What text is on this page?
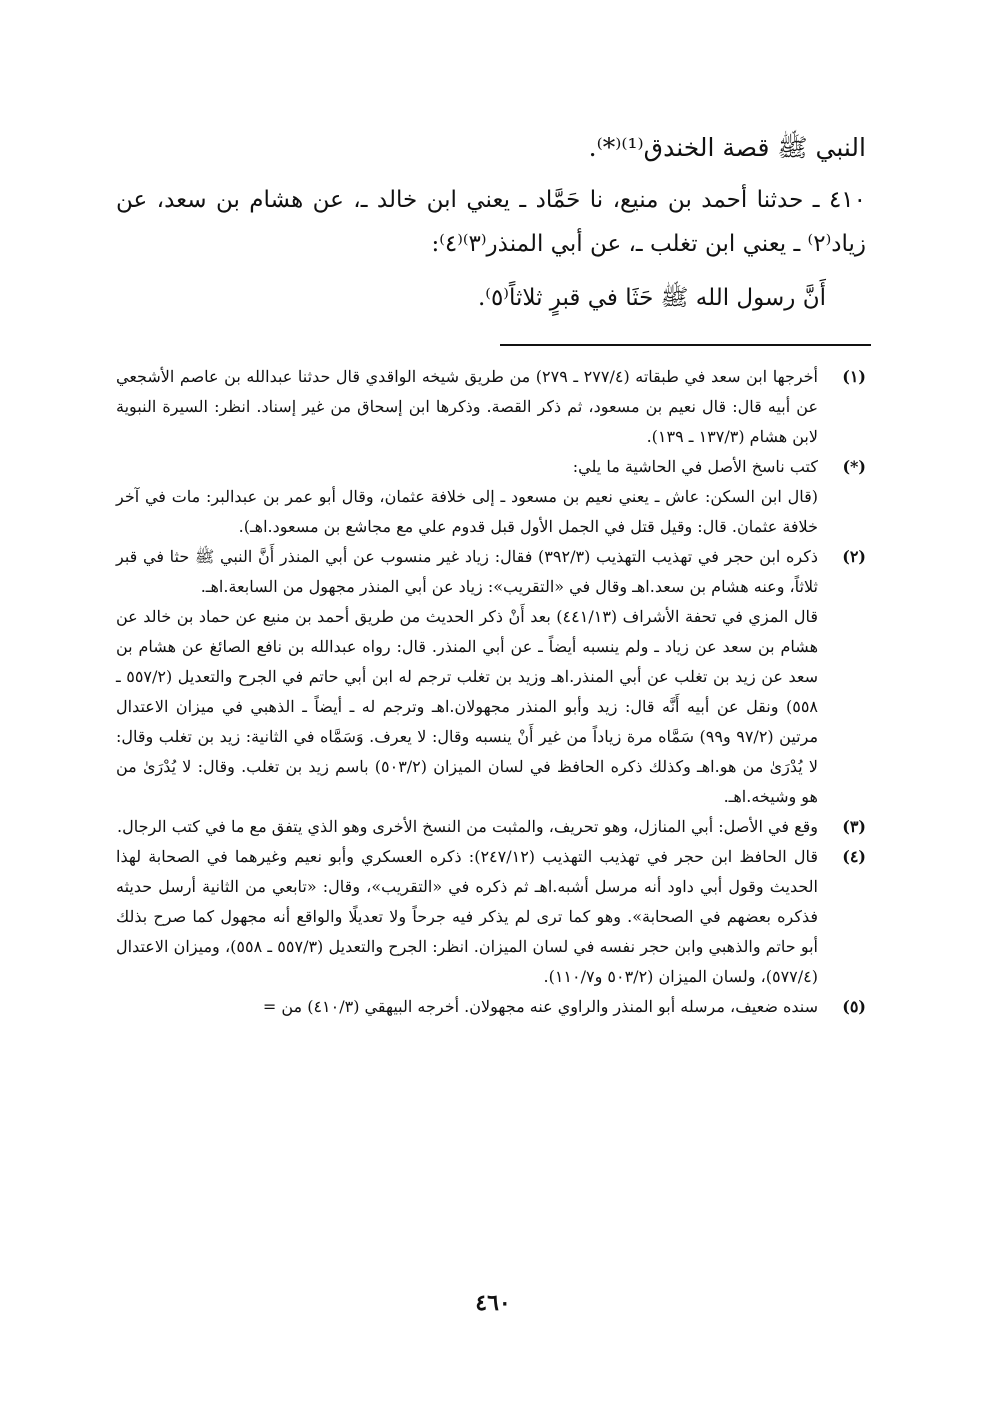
النبي ﷺ قصة الخندق⁽¹⁾⁽*⁾.
٤١٠ ـ حدثنا أحمد بن منيع، نا حَمَّاد ـ يعني ابن خالد ـ، عن هشام بن سعد، عن زياد⁽٢⁾ ـ يعني ابن تغلب ـ، عن أبي المنذر⁽٣⁾⁽٤⁾:
أَنَّ رسول الله ﷺ حَثَا في قبرٍ ثلاثاً⁽٥⁾.
(١)

أخرجها ابن سعد في طبقاته (٢٧٧/٤ ـ ٢٧٩) من طريق شيخه الواقدي قال حدثنا عبدالله بن عاصم الأشجعي عن أبيه قال: قال نعيم بن مسعود، ثم ذكر القصة. وذكرها ابن إسحاق من غير إسناد. انظر: السيرة النبوية لابن هشام (١٣٧/٣ ـ ١٣٩).

(*)

كتب ناسخ الأصل في الحاشية ما يلي:

(قال ابن السكن: عاش ـ يعني نعيم بن مسعود ـ إلى خلافة عثمان، وقال أبو عمر بن عبدالبر: مات في آخر خلافة عثمان. قال: وقيل قتل في الجمل الأول قبل قدوم علي مع مجاشع بن مسعود.اهـ).

(٢)

ذكره ابن حجر في تهذيب التهذيب (٣٩٢/٣) فقال: زياد غير منسوب عن أبي المنذر أَنَّ النبي ﷺ حثا في قبر ثلاثاً، وعنه هشام بن سعد.اهـ وقال في «التقريب»: زياد عن أبي المنذر مجهول من السابعة.اهـ.

قال المزي في تحفة الأشراف (٤٤١/١٣) بعد أَنْ ذكر الحديث من طريق أحمد بن منيع عن حماد بن خالد عن هشام بن سعد عن زياد ـ ولم ينسبه أيضاً ـ عن أبي المنذر. قال: رواه عبدالله بن نافع الصائغ عن هشام بن سعد عن زيد بن تغلب عن أبي المنذر.اهـ وزيد بن تغلب ترجم له ابن أبي حاتم في الجرح والتعديل (٥٥٧/٢ ـ ٥٥٨) ونقل عن أبيه أَنَّه قال: زيد وأبو المنذر مجهولان.اهـ وترجم له ـ أيضاً ـ الذهبي في ميزان الاعتدال مرتين (٩٧/٢ و٩٩) سَمَّاه مرة زياداً من غير أَنْ ينسبه وقال: لا يعرف. وَسَمَّاه في الثانية: زيد بن تغلب وقال: لا يُدْرَىٰ من هو.اهـ وكذلك ذكره الحافظ في لسان الميزان (٥٠٣/٢) باسم زيد بن تغلب. وقال: لا يُدْرَىٰ من هو وشيخه.اهـ.

(٣)

وقع في الأصل: أبي المنازل، وهو تحريف، والمثبت من النسخ الأخرى وهو الذي يتفق مع ما في كتب الرجال.

(٤)

قال الحافظ ابن حجر في تهذيب التهذيب (٢٤٧/١٢): ذكره العسكري وأبو نعيم وغيرهما في الصحابة لهذا الحديث وقول أبي داود أنه مرسل أشبه.اهـ ثم ذكره في «التقريب»، وقال: «تابعي من الثانية أرسل حديثه فذكره بعضهم في الصحابة». وهو كما ترى لم يذكر فيه جرحاً ولا تعديلًا والواقع أنه مجهول كما صرح بذلك أبو حاتم والذهبي وابن حجر نفسه في لسان الميزان. انظر: الجرح والتعديل (٥٥٧/٣ ـ ٥٥٨)، وميزان الاعتدال (٥٧٧/٤)، ولسان الميزان (٥٠٣/٢ و١١٠/٧).

(٥)

سنده ضعيف، مرسله أبو المنذر والراوي عنه مجهولان. أخرجه البيهقي (٤١٠/٣) من =

٤٦٠
